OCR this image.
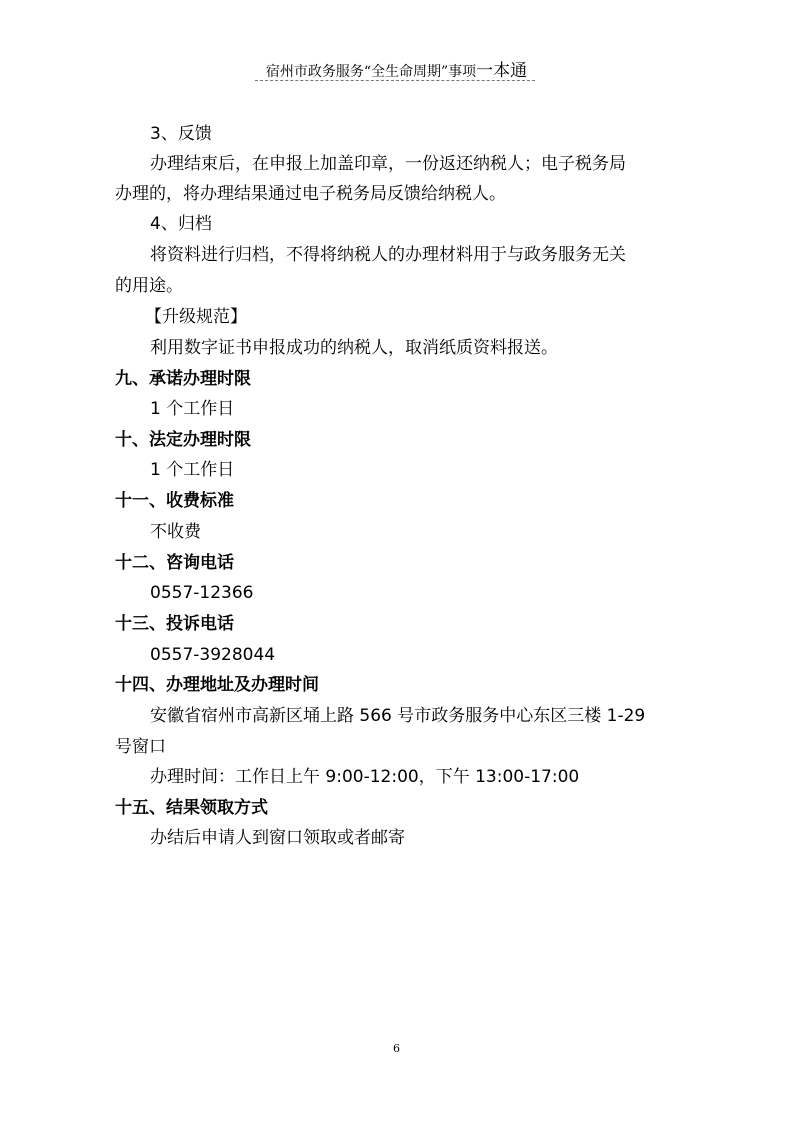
宿州市政务服务“全生命周期”事项一本通
3、反馈
办理结束后，在申报上加盖印章，一份返还纳税人；电子税务局
办理的，将办理结果通过电子税务局反馈给纳税人。
4、归档
将资料进行归档，不得将纳税人的办理材料用于与政务服务无关
的用途。
【升级规范】
利用数字证书申报成功的纳税人，取消纸质资料报送。
九、承诺办理时限
1 个工作日
十、法定办理时限
1 个工作日
十一、收费标准
不收费
十二、咨询电话
0557-12366
十三、投诉电话
0557-3928044
十四、办理地址及办理时间
安徽省宿州市高新区埇上路 566 号市政务服务中心东区三楼 1-29
号窗口
办理时间：工作日上午 9:00-12:00，下午 13:00-17:00
十五、结果领取方式
办结后申请人到窗口领取或者邮寄
6
